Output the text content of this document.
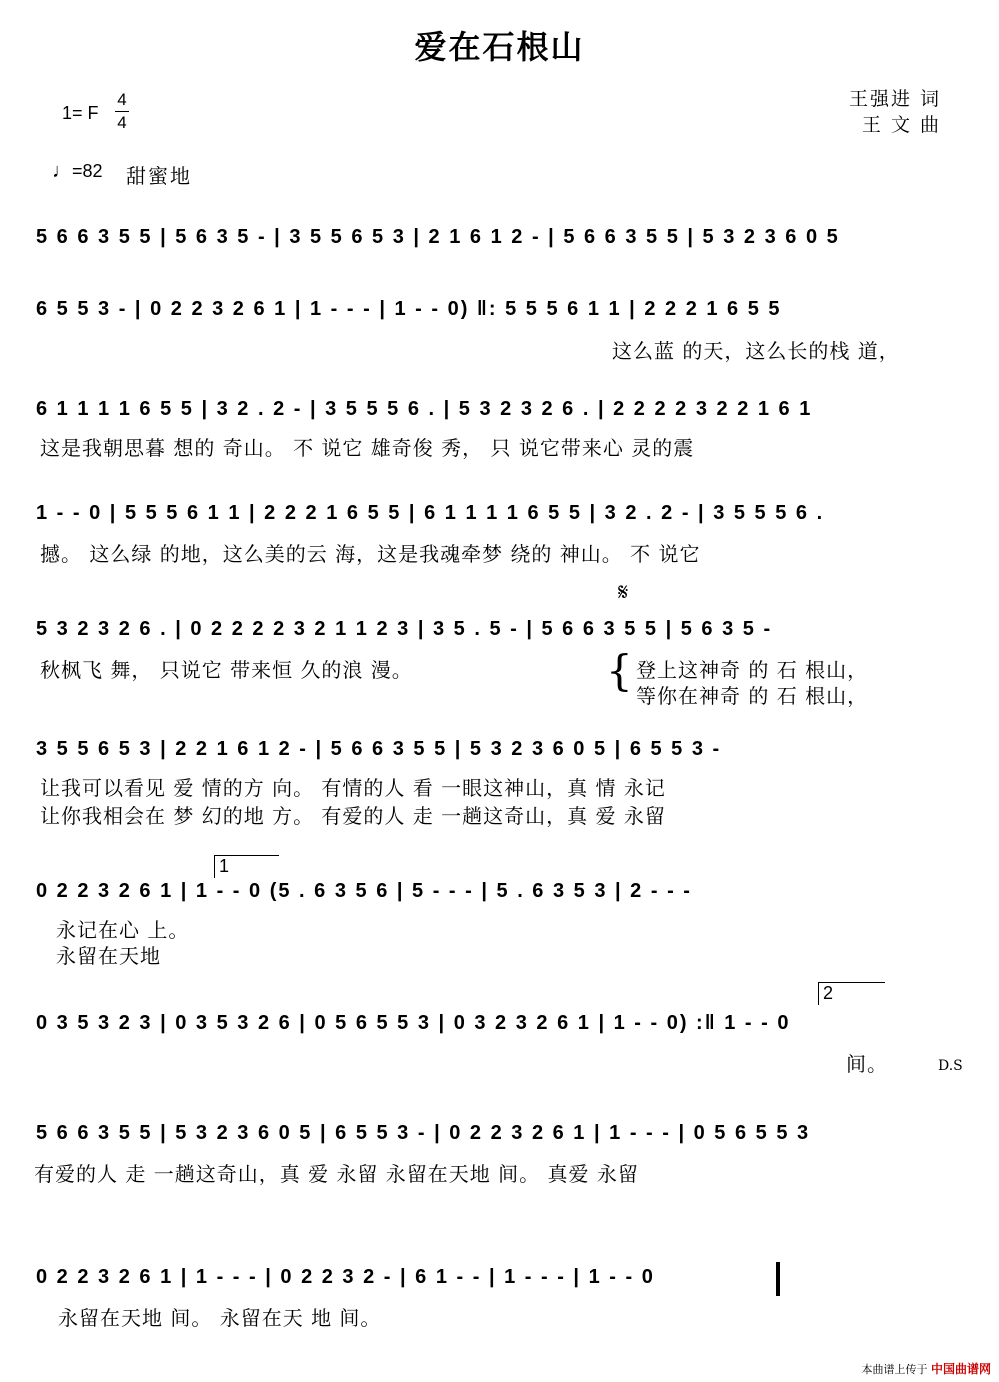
爱在石根山
1= F
4
4
王强进 词
王 文 曲
♩=82 甜蜜地
5 6 6 3 5 5 | 5 6 3 5 - | 3 5 5 6 5 3 | 2 1 6 1 2 - | 5 6 6 3 5 5 | 5 3 2 3 6 0 5
6 5 5 3 - | 0 2 2 3 2 6 1 | 1 - - - | 1 - - 0) ‖: 5 5 5 6 1 1 | 2 2 2 1 6 5 5
这么蓝 的天，这么长的栈 道，
6 1 1 1 1 6 5 5 | 3 2 . 2 - | 3 5 5 5 6 . | 5 3 2 3 2 6 . | 2 2 2 2 3 2 2 1 6 1
这是我朝思暮 想的 奇山。 不 说它 雄奇俊 秀， 只 说它带来心 灵的震
1 - - 0 | 5 5 5 6 1 1 | 2 2 2 1 6 5 5 | 6 1 1 1 1 6 5 5 | 3 2 . 2 - | 3 5 5 5 6 .
撼。 这么绿 的地，这么美的云 海，这是我魂牵梦 绕的 神山。 不 说它
𝄋
5 3 2 3 2 6 . | 0 2 2 2 2 3 2 1 1 2 3 | 3 5 . 5 - | 5 6 6 3 5 5 | 5 6 3 5 -
秋枫飞 舞， 只说它 带来恒 久的浪 漫。	{ 登上这神奇 的 石 根山，
等你在神奇 的 石 根山，
3 5 5 6 5 3 | 2 2 1 6 1 2 - | 5 6 6 3 5 5 | 5 3 2 3 6 0 5 | 6 5 5 3 -
让我可以看见 爱 情的方 向。 有情的人 看 一眼这神山，真 情 永记
让你我相会在 梦 幻的地 方。 有爱的人 走 一趟这奇山，真 爱 永留
1
0 2 2 3 2 6 1 | 1 - - 0 (5 . 6 3 5 6 | 5 - - - | 5 . 6 3 5 3 | 2 - - -
永记在心 上。
永留在天地
2
0 3 5 3 2 3 | 0 3 5 3 2 6 | 0 5 6 5 5 3 | 0 3 2 3 2 6 1 | 1 - - 0) :‖ 1 - - 0
间。	D.S
5 6 6 3 5 5 | 5 3 2 3 6 0 5 | 6 5 5 3 - | 0 2 2 3 2 6 1 | 1 - - - | 0 5 6 5 5 3
有爱的人 走 一趟这奇山，真 爱 永留 永留在天地 间。 真爱 永留
0 2 2 3 2 6 1 | 1 - - - | 0 2 2 3 2 - | 6 1 - - | 1 - - - | 1 - - 0
永留在天地 间。 永留在天 地 间。
本曲谱上传于 中国曲谱网
